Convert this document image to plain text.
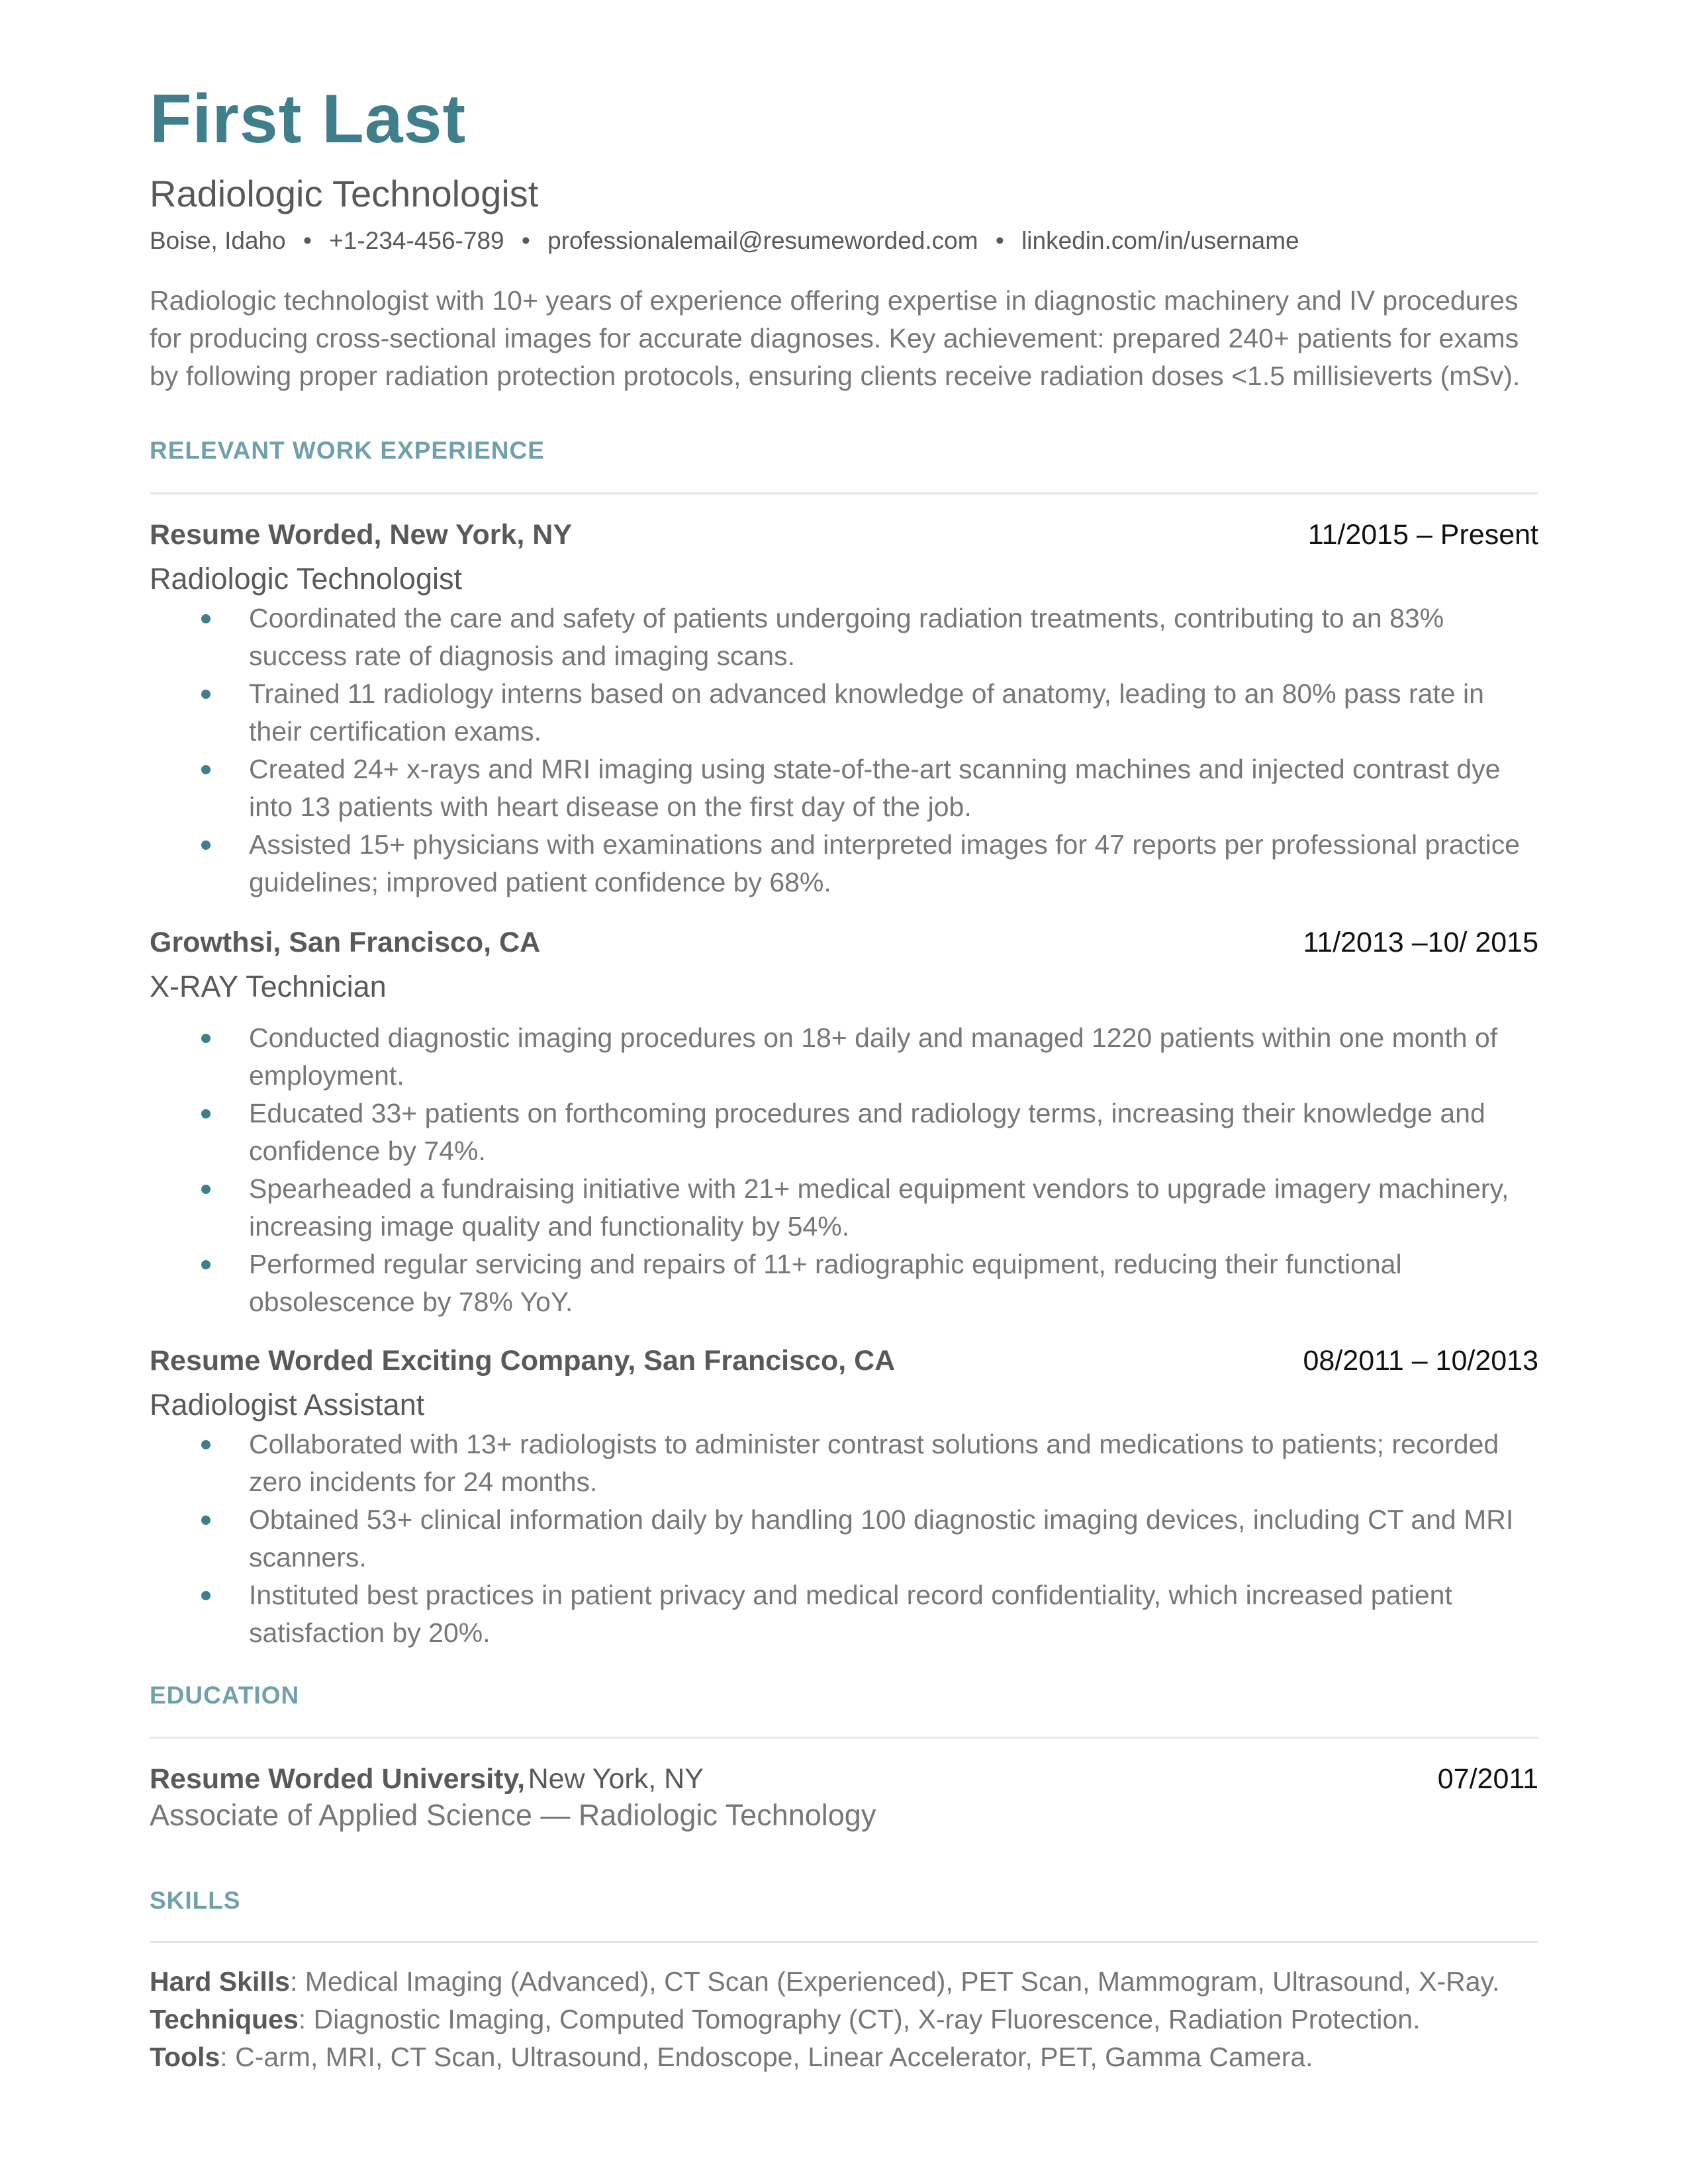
First Last
Radiologic Technologist
Boise, Idaho • +1-234-456-789 • professionalemail@resumeworded.com • linkedin.com/in/username

Radiologic technologist with 10+ years of experience offering expertise in diagnostic machinery and IV procedures for producing cross-sectional images for accurate diagnoses. Key achievement: prepared 240+ patients for exams by following proper radiation protection protocols, ensuring clients receive radiation doses <1.5 millisieverts (mSv).

RELEVANT WORK EXPERIENCE
Resume Worded, New York, NY	11/2015 – Present
Radiologic Technologist
Coordinated the care and safety of patients undergoing radiation treatments, contributing to an 83% success rate of diagnosis and imaging scans.
Trained 11 radiology interns based on advanced knowledge of anatomy, leading to an 80% pass rate in their certification exams.
Created 24+ x-rays and MRI imaging using state-of-the-art scanning machines and injected contrast dye into 13 patients with heart disease on the first day of the job.
Assisted 15+ physicians with examinations and interpreted images for 47 reports per professional practice guidelines; improved patient confidence by 68%.
Growthsi, San Francisco, CA	11/2013 –10/ 2015
X-RAY Technician
Conducted diagnostic imaging procedures on 18+ daily and managed 1220 patients within one month of employment.
Educated 33+ patients on forthcoming procedures and radiology terms, increasing their knowledge and confidence by 74%.
Spearheaded a fundraising initiative with 21+ medical equipment vendors to upgrade imagery machinery, increasing image quality and functionality by 54%.
Performed regular servicing and repairs of 11+ radiographic equipment, reducing their functional obsolescence by 78% YoY.
Resume Worded Exciting Company, San Francisco, CA	08/2011 – 10/2013
Radiologist Assistant
Collaborated with 13+ radiologists to administer contrast solutions and medications to patients; recorded zero incidents for 24 months.
Obtained 53+ clinical information daily by handling 100 diagnostic imaging devices, including CT and MRI scanners.
Instituted best practices in patient privacy and medical record confidentiality, which increased patient satisfaction by 20%.
EDUCATION
Resume Worded University, New York, NY	07/2011
Associate of Applied Science — Radiologic Technology
SKILLS
Hard Skills: Medical Imaging (Advanced), CT Scan (Experienced), PET Scan, Mammogram, Ultrasound, X-Ray.
Techniques: Diagnostic Imaging, Computed Tomography (CT), X-ray Fluorescence, Radiation Protection.
Tools: C-arm, MRI, CT Scan, Ultrasound, Endoscope, Linear Accelerator, PET, Gamma Camera.
